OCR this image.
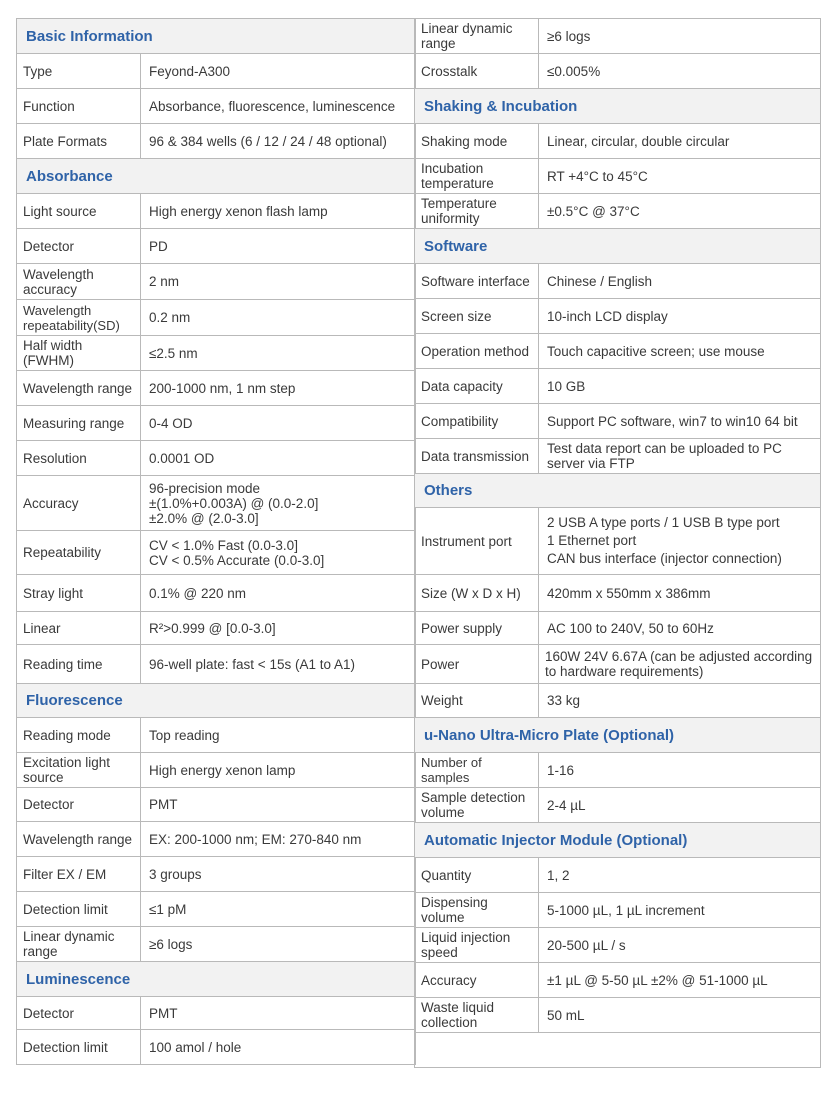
Basic Information
Type	Feyond-A300
Function	Absorbance, fluorescence, luminescence
Plate Formats	96 & 384 wells (6 / 12 / 24 / 48 optional)
Absorbance
Light source	High energy xenon flash lamp
Detector	PD
Wavelength accuracy	2 nm
Wavelength repeatability(SD)	0.2 nm
Half width (FWHM)	≤2.5 nm
Wavelength range	200-1000 nm, 1 nm step
Measuring range	0-4 OD
Resolution	0.0001 OD
Accuracy
96-precision mode
±(1.0%+0.003A) @ (0.0-2.0]
±2.0% @ (2.0-3.0]
Repeatability	CV < 1.0% Fast (0.0-3.0]
CV < 0.5% Accurate (0.0-3.0]
Stray light	0.1% @ 220 nm
Linear	R²>0.999 @ [0.0-3.0]
Reading time	96-well plate: fast < 15s (A1 to A1)
Fluorescence
Reading mode	Top reading
Excitation light source	High energy xenon lamp
Detector	PMT
Wavelength range	EX: 200-1000 nm; EM: 270-840 nm
Filter EX / EM	3 groups
Detection limit	≤1 pM
Linear dynamic range	≥6 logs
Luminescence
Detector	PMT
Detection limit	100 amol / hole
Linear dynamic range	≥6 logs
Crosstalk	≤0.005%
Shaking & Incubation
Shaking mode	Linear, circular, double circular
Incubation temperature	RT +4°C to 45°C
Temperature uniformity	±0.5°C @ 37°C
Software
Software interface	Chinese / English
Screen size	10-inch LCD display
Operation method	Touch capacitive screen; use mouse
Data capacity	10 GB
Compatibility	Support PC software, win7 to win10 64 bit
Data transmission	Test data report can be uploaded to PC server via FTP
Others
Instrument port
2 USB A type ports / 1 USB B type port
1 Ethernet port
CAN bus interface (injector connection)
Size (W x D x H)	420mm x 550mm x 386mm
Power supply	AC 100 to 240V, 50 to 60Hz
Power	160W 24V 6.67A (can be adjusted according to hardware requirements)
Weight	33 kg
u-Nano Ultra-Micro Plate (Optional)
Number of samples	1-16
Sample detection volume	2-4 µL
Automatic Injector Module (Optional)
Quantity	1, 2
Dispensing volume	5-1000 µL, 1 µL increment
Liquid injection speed	20-500 µL / s
Accuracy	±1 µL @ 5-50 µL ±2% @ 51-1000 µL
Waste liquid collection	50 mL
